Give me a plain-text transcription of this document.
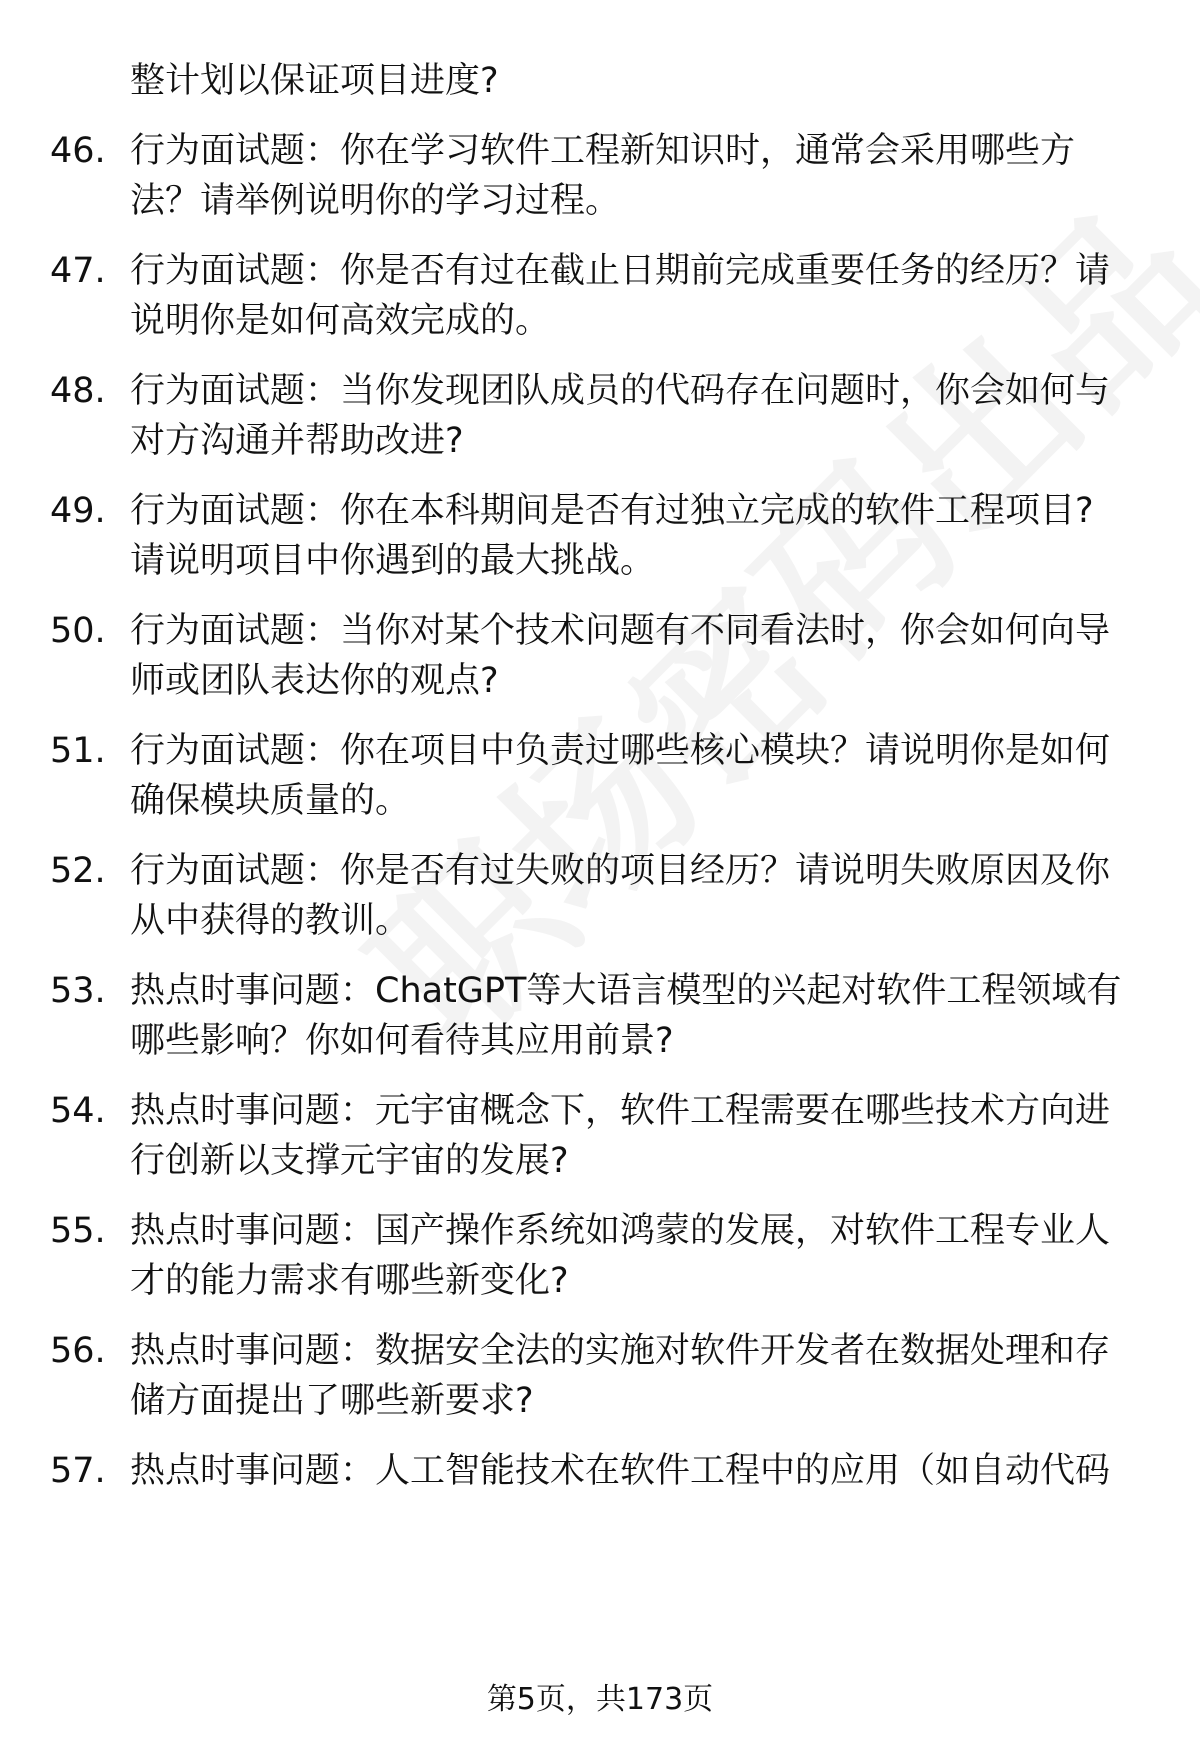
整计划以保证项目进度?
46. 行为面试题：你在学习软件工程新知识时，通常会采用哪些方
法？请举例说明你的学习过程。
47. 行为面试题：你是否有过在截止日期前完成重要任务的经历？请
说明你是如何高效完成的。
48. 行为面试题：当你发现团队成员的代码存在问题时，你会如何与
对方沟通并帮助改进?
49. 行为面试题：你在本科期间是否有过独立完成的软件工程项目?
请说明项目中你遇到的最大挑战。
50. 行为面试题：当你对某个技术问题有不同看法时，你会如何向导
师或团队表达你的观点?
51. 行为面试题：你在项目中负责过哪些核心模块？请说明你是如何
确保模块质量的。
52. 行为面试题：你是否有过失败的项目经历？请说明失败原因及你
从中获得的教训。
53. 热点时事问题：ChatGPT等大语言模型的兴起对软件工程领域有
哪些影响？你如何看待其应用前景?
54. 热点时事问题：元宇宙概念下，软件工程需要在哪些技术方向进
行创新以支撑元宇宙的发展?
55. 热点时事问题：国产操作系统如鸿蒙的发展，对软件工程专业人
才的能力需求有哪些新变化?
56. 热点时事问题：数据安全法的实施对软件开发者在数据处理和存
储方面提出了哪些新要求?
57. 热点时事问题：人工智能技术在软件工程中的应用（如自动代码
第5页，共173页
